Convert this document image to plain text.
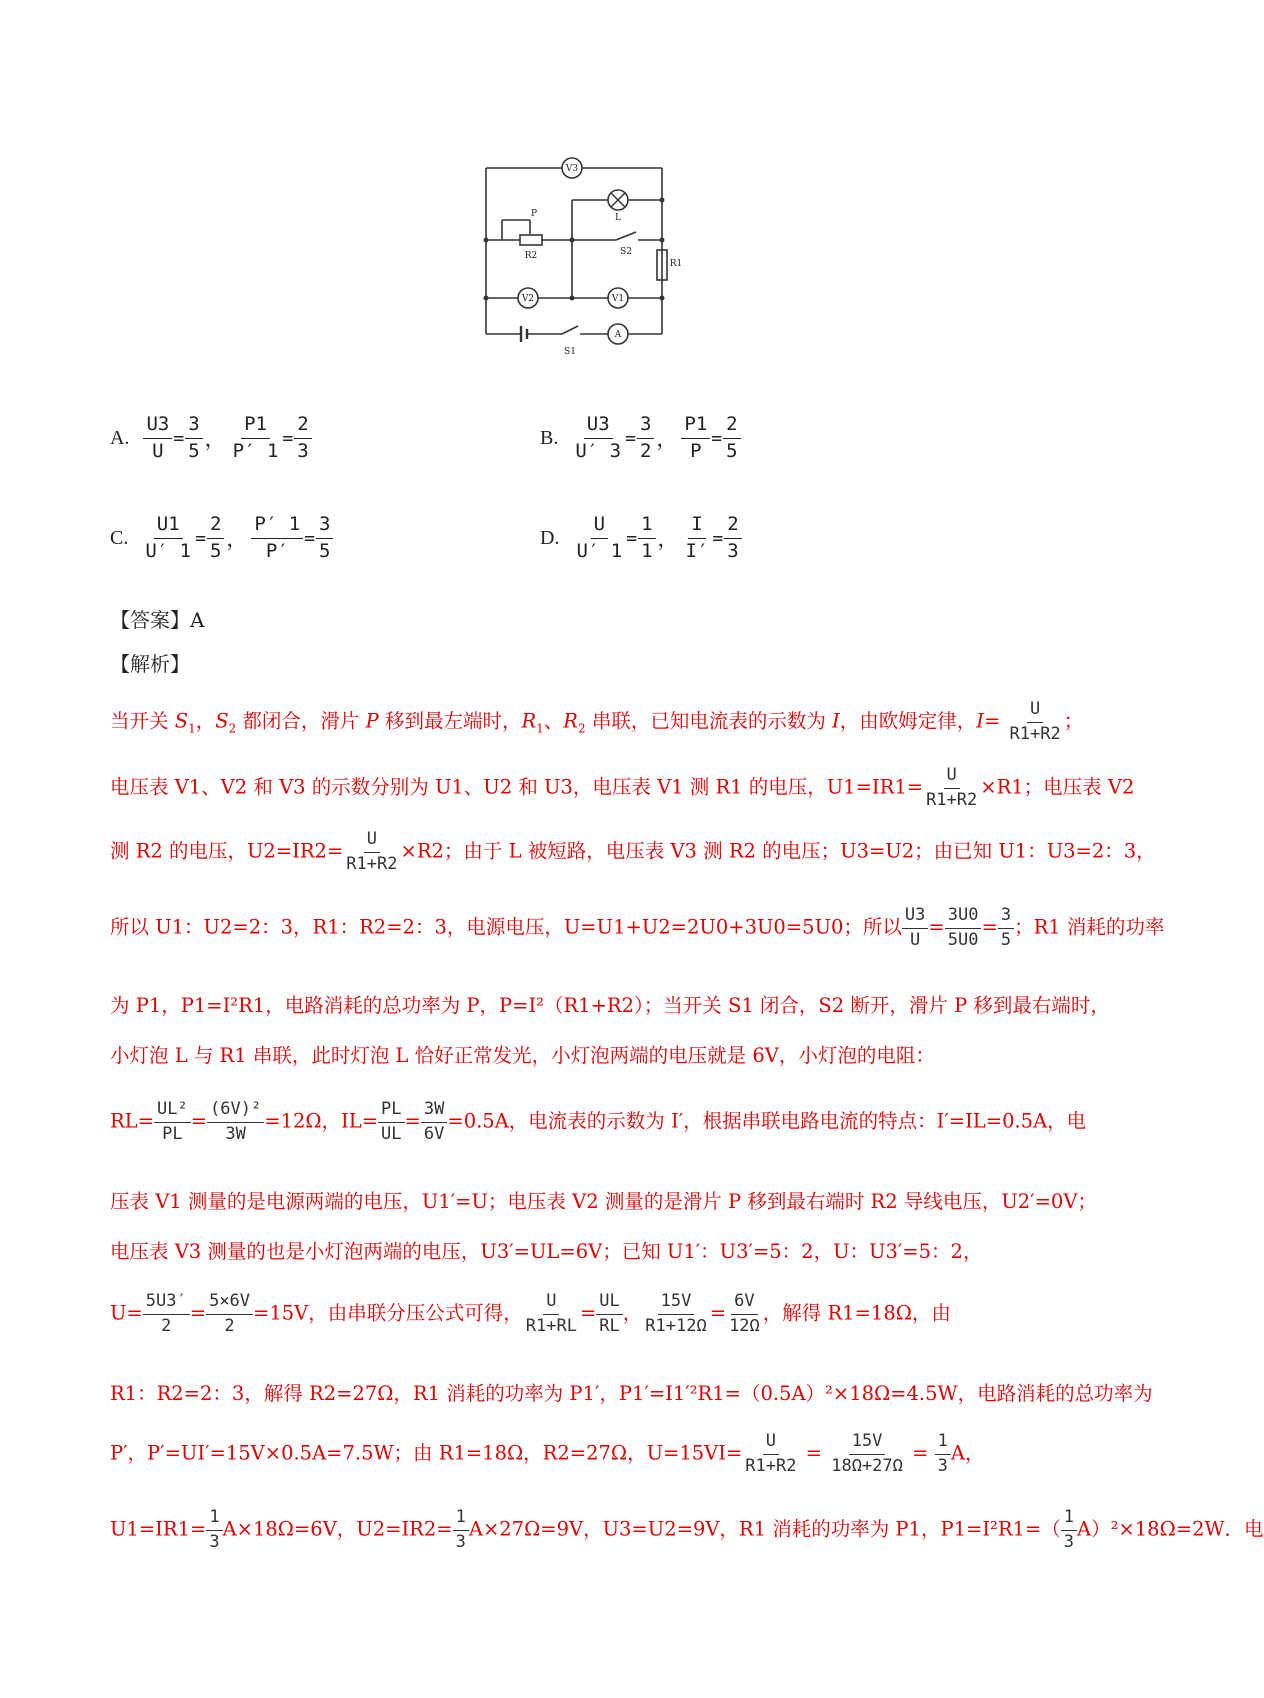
V3
V2	V1
A
L
R1
R2
P
S2
S1
A. $\frac{U3}{U} = \frac{3}{5}$ ， $\frac{P1}{P' 1} = \frac{2}{3}$	B. $\frac{U3}{U' 3} = \frac{3}{2}$ ， $\frac{P1}{P} = \frac{2}{5}$
C. $\frac{U1}{U' 1} = \frac{2}{5}$ ， $\frac{P' 1}{P'} = \frac{3}{5}$	D. $\frac{U}{U' 1} = \frac{1}{1}$ ， $\frac{I}{I'} = \frac{2}{3}$
【答案】A
【解析】
当开关 $S_1$，$S_2$ 都闭合，滑片 P 移到最左端时，$R_1$、$R_2$ 串联，已知电流表的示数为 I，由欧姆定律，$I= \frac{U}{R1+R2}$ ；
电压表 V1、V2 和 V3 的示数分别为 U1、U2 和 U3，电压表 V1 测 R1 的电压，$U1=IR1= \frac{U}{R1+R2} \times R1$；电压表 V2
测 R2 的电压，$U2=IR2= \frac{U}{R1+R2} \times R2$；由于 L 被短路，电压表 V3 测 R2 的电压；U3=U2；由已知 U1：U3=2：3，
所以 U1：U2=2：3，R1：R2=2：3，电源电压，U=U1+U2=2U0+3U0=5U0；所以 $\frac{U3}{U} = \frac{3U0}{5U0} = \frac{3}{5}$ ；R1 消耗的功率
为 P1，P1=I²R1，电路消耗的总功率为 P，P=I²（R1+R2）；当开关 S1 闭合，S2 断开，滑片 P 移到最右端时，
小灯泡 L 与 R1 串联，此时灯泡 L 恰好正常发光，小灯泡两端的电压就是 6V，小灯泡的电阻：
$RL= \frac{\text{UL²}}{PL} = \frac{\text{(6V)²}}{3W} =12\Omega$，$IL= \frac{PL}{UL} = \frac{3W}{6V} =0.5A$，电流表的示数为 I′，根据串联电路电流的特点：I′=IL=0.5A，电
压表 V1 测量的是电源两端的电压，U1′=U；电压表 V2 测量的是滑片 P 移到最右端时 R2 导线电压，U2′=0V；
电压表 V3 测量的也是小灯泡两端的电压，U3′=UL=6V；已知 U1′：U3′=5：2，U：U3′=5：2，
$U= \frac{5U3'}{2} = \frac{5\times 6V}{2} =15V$，由串联分压公式可得， $\frac{U}{R1+RL} = \frac{UL}{RL}$ ， $\frac{15V}{R1+12\Omega} = \frac{6V}{12\Omega}$ ，解得 R1=18Ω，由
R1：R2=2：3，解得 R2=27Ω，R1 消耗的功率为 P1′，P1′=I1′²R1=（0.5A）²×18Ω=4.5W，电路消耗的总功率为
P′，P′=UI′=15V×0.5A=7.5W；由 R1=18Ω，R2=27Ω，$U=15VI= \frac{U}{R1+R2} = \frac{15V}{18\Omega+27\Omega} = \frac{1}{3}$ A，
$U1=IR1= \frac{1}{3} A\times 18\Omega=6V$，$U2=IR2= \frac{1}{3} A\times 27\Omega=9V$，U3=U2=9V，R1 消耗的功率为 P1，$P1=I^2R1=( \frac{1}{3} A)^2\times 18\Omega=2W$．电
